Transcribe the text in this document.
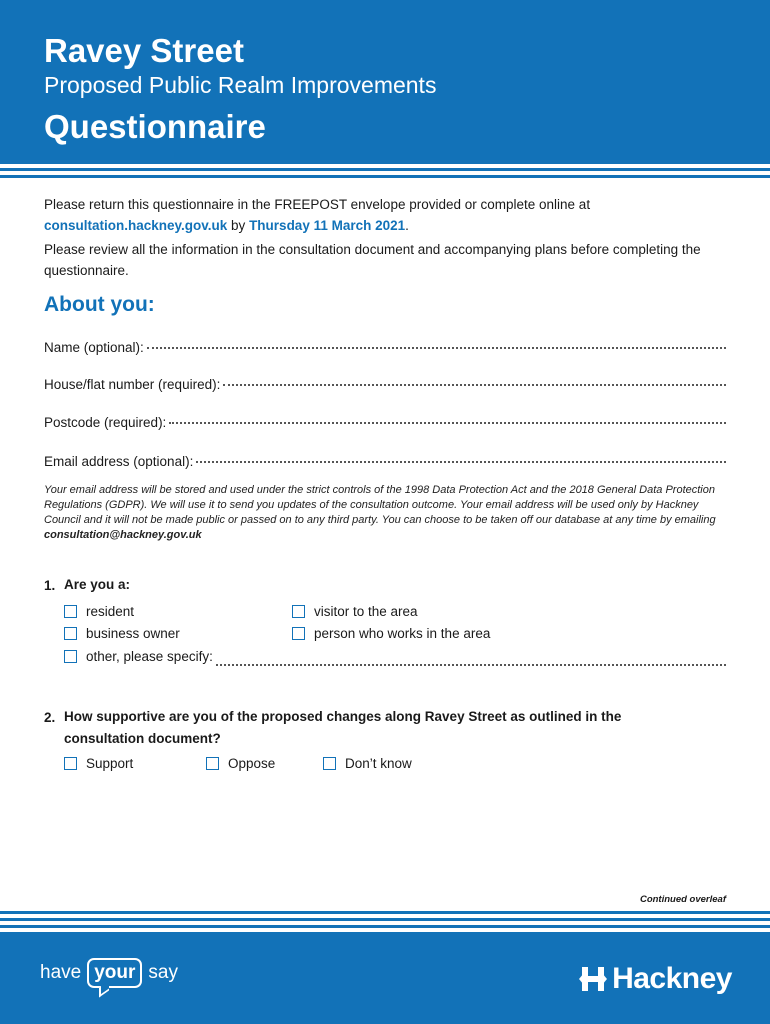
Ravey Street
Proposed Public Realm Improvements
Questionnaire
Please return this questionnaire in the FREEPOST envelope provided or complete online at
consultation.hackney.gov.uk by Thursday 11 March 2021.
Please review all the information in the consultation document and accompanying plans before completing the questionnaire.
About you:
Name (optional):
House/flat number (required):
Postcode (required):
Email address (optional):
Your email address will be stored and used under the strict controls of the 1998 Data Protection Act and the 2018 General Data Protection Regulations (GDPR). We will use it to send you updates of the consultation outcome. Your email address will be used only by Hackney Council and it will not be made public or passed on to any third party. You can choose to be taken off our database at any time by emailing consultation@hackney.gov.uk
1. Are you a:
resident	visitor to the area
business owner	person who works in the area
other, please specify:
2. How supportive are you of the proposed changes along Ravey Street as outlined in the consultation document?
Support	Oppose	Don’t know
Continued overleaf
have your say	Hackney
